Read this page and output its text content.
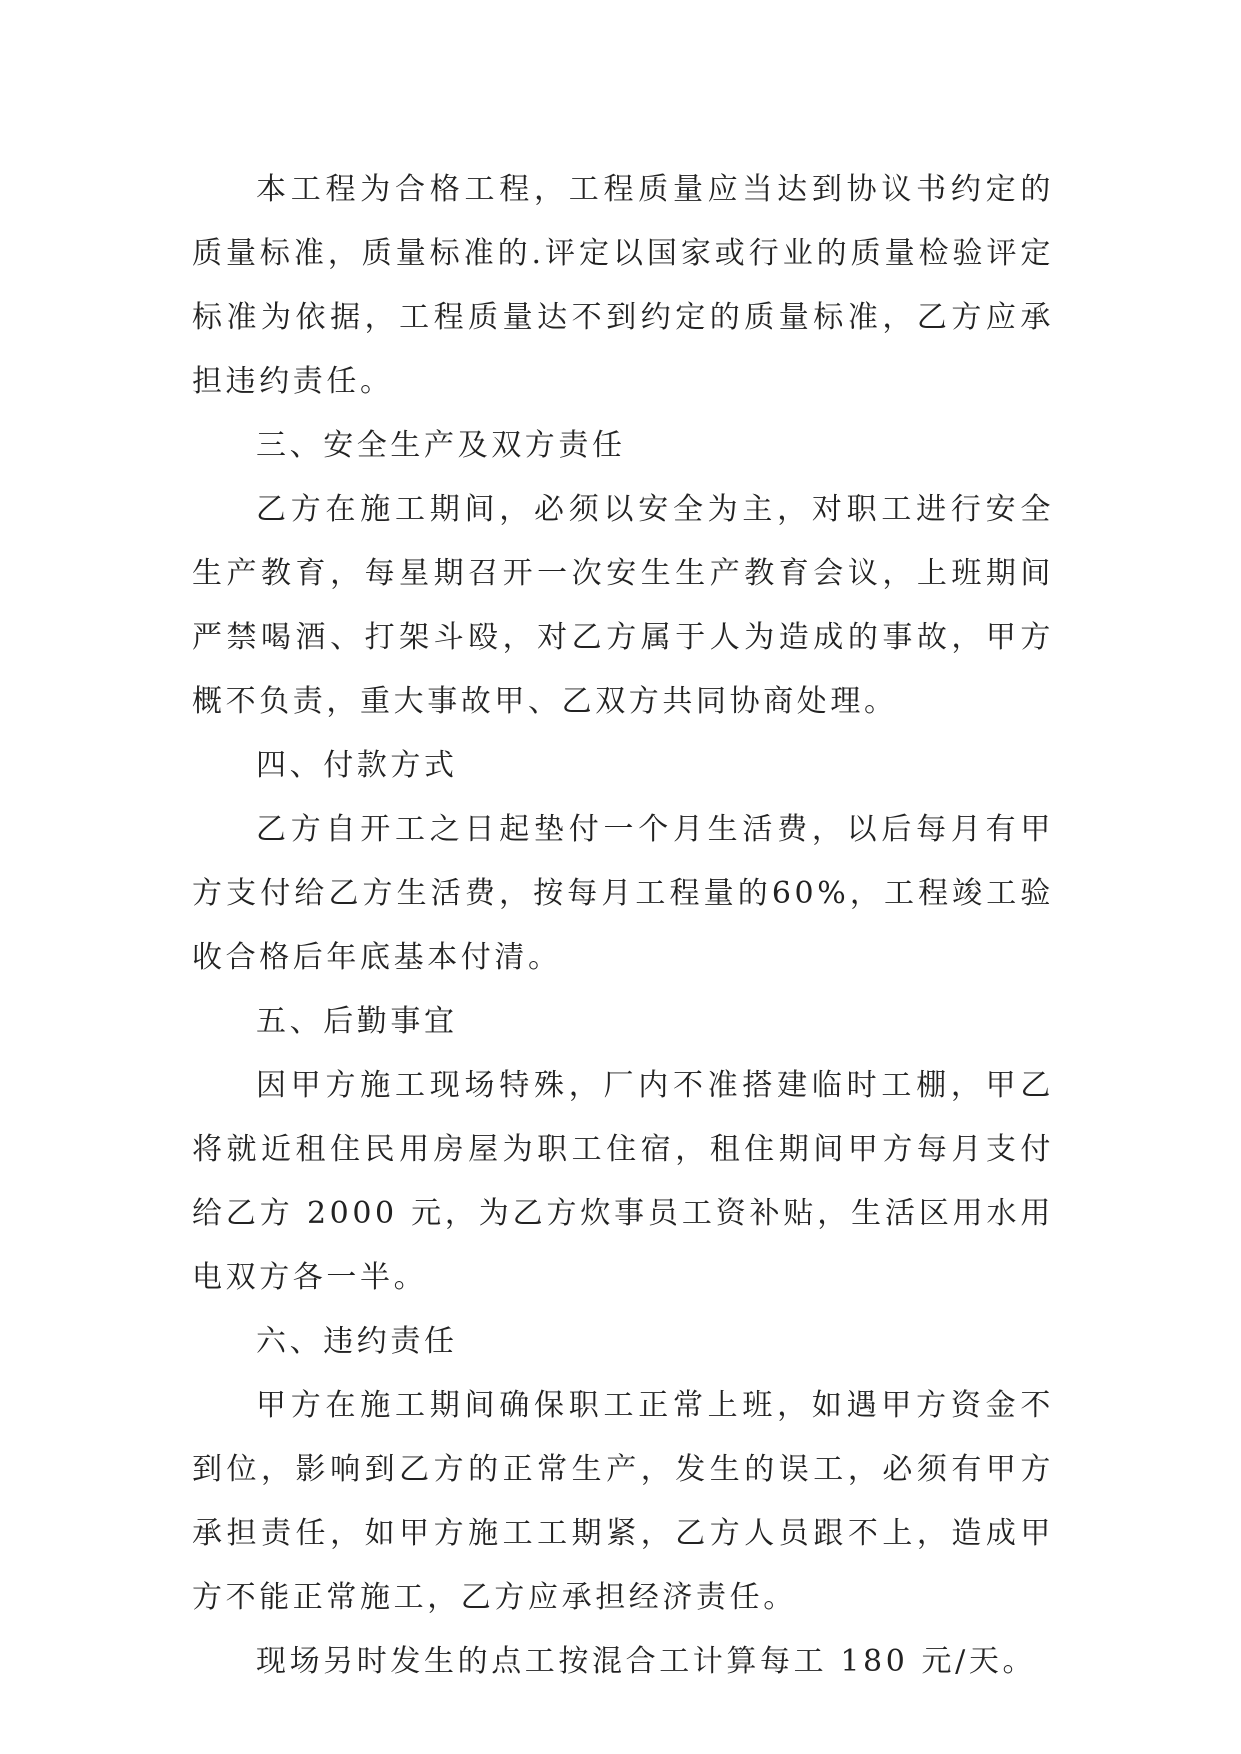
本工程为合格工程，工程质量应当达到协议书约定的质量标准，质量标准的.评定以国家或行业的质量检验评定标准为依据，工程质量达不到约定的质量标准，乙方应承担违约责任。

三、安全生产及双方责任

乙方在施工期间，必须以安全为主，对职工进行安全生产教育，每星期召开一次安生生产教育会议，上班期间严禁喝酒、打架斗殴，对乙方属于人为造成的事故，甲方概不负责，重大事故甲、乙双方共同协商处理。

四、付款方式

乙方自开工之日起垫付一个月生活费，以后每月有甲方支付给乙方生活费，按每月工程量的60%，工程竣工验收合格后年底基本付清。

五、后勤事宜

因甲方施工现场特殊，厂内不准搭建临时工棚，甲乙将就近租住民用房屋为职工住宿，租住期间甲方每月支付给乙方 2000 元，为乙方炊事员工资补贴，生活区用水用电双方各一半。

六、违约责任

甲方在施工期间确保职工正常上班，如遇甲方资金不到位，影响到乙方的正常生产，发生的误工，必须有甲方承担责任，如甲方施工工期紧，乙方人员跟不上，造成甲方不能正常施工，乙方应承担经济责任。

现场另时发生的点工按混合工计算每工 180 元/天。
